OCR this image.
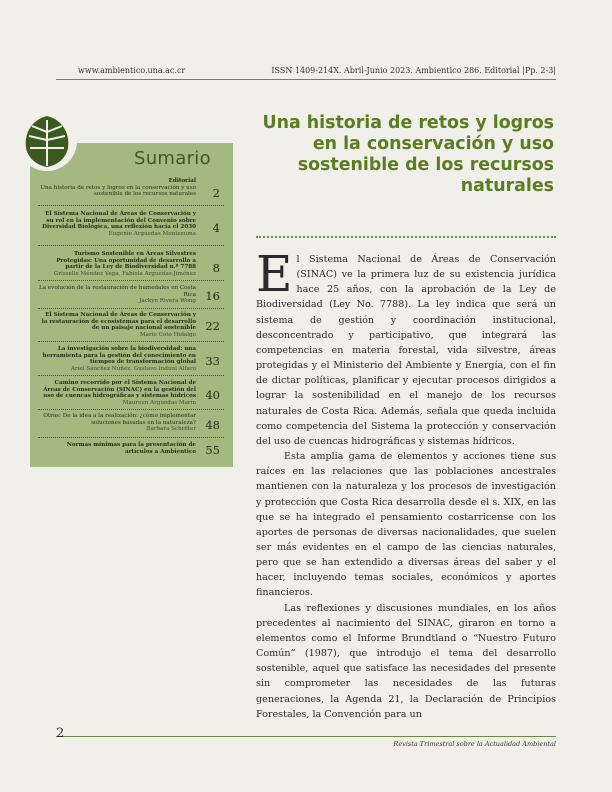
www.ambientico.una.ac.cr	ISSN 1409-214X. Abril-Junio 2023. Ambientico 286. Editorial |Pp. 2-3|
Sumario
Editorial
Una historia de retos y logros en la conservación y uso sostenible de los recursos naturales 2
El Sistema Nacional de Áreas de Conservación y su rol en la implementación del Convenio sobre Diversidad Biológica, una reflexión hacia el 2030
Eugenio Arguedas Montezuma 4
Turismo Sostenible en Áreas Silvestres Protegidas: Una oportunidad de desarrollo a partir de la Ley de Biodiversidad n.º 7788
Grisselle Méndez Vega, Fabiola Arguedas-Jiménez 8
La evolución de la restauración de humedales en Costa Rica
Jackyn Rivera Wong 16
El Sistema Nacional de Áreas de Conservación y la restauración de ecosistemas para el desarrollo de un paisaje nacional sostenible
Mario Coto Hidalgo
22
La investigación sobre la biodiversidad: una herramienta para la gestión del conocimiento en tiempos de transformación global
Ariel Sánchez Núñez, Gustavo Induni Alfaro
33
Camino recorrido por el Sistema Nacional de Áreas de Conservación (SINAC) en la gestión del uso de cuencas hidrográficas y sistemas hídricos
Maureen Arguedas Marín
40
Otros: De la idea a la realización: ¿cómo implementar soluciones basadas en la naturaleza?
Barbara Schröter 48
Normas mínimas para la presentación de artículos a Ambientico 55
Una historia de retos y logros en la conservación y uso sostenible de los recursos naturales

El Sistema Nacional de Áreas de Conservación (SINAC) ve la primera luz de su existencia jurídica hace 25 años, con la aprobación de la Ley de Biodiversidad (Ley No. 7788). La ley indica que será un sistema de gestión y coordinación institucional, desconcentrado y participativo, que integrará las competencias en materia forestal, vida silvestre, áreas protegidas y el Ministerio del Ambiente y Energía, con el fin de dictar políticas, planificar y ejecutar procesos dirigidos a lograr la sostenibilidad en el manejo de los recursos naturales de Costa Rica. Además, señala que queda incluida como competencia del Sistema la protección y conservación del uso de cuencas hidrográficas y sistemas hídricos.

Esta amplia gama de elementos y acciones tiene sus raíces en las relaciones que las poblaciones ancestrales mantienen con la naturaleza y los procesos de investigación y protección que Costa Rica desarrolla desde el s. XIX, en las que se ha integrado el pensamiento costarricense con los aportes de personas de diversas nacionalidades, que suelen ser más evidentes en el campo de las ciencias naturales, pero que se han extendido a diversas áreas del saber y el hacer, incluyendo temas sociales, económicos y aportes financieros.

Las reflexiones y discusiones mundiales, en los años precedentes al nacimiento del SINAC, giraron en torno a elementos como el Informe Brundtland o “Nuestro Futuro Común” (1987), que introdujo el tema del desarrollo sostenible, aquel que satisface las necesidades del presente sin comprometer las necesidades de las futuras generaciones, la Agenda 21, la Declaración de Principios Forestales, la Convención para un

2
Revista Trimestral sobre la Actualidad Ambiental
